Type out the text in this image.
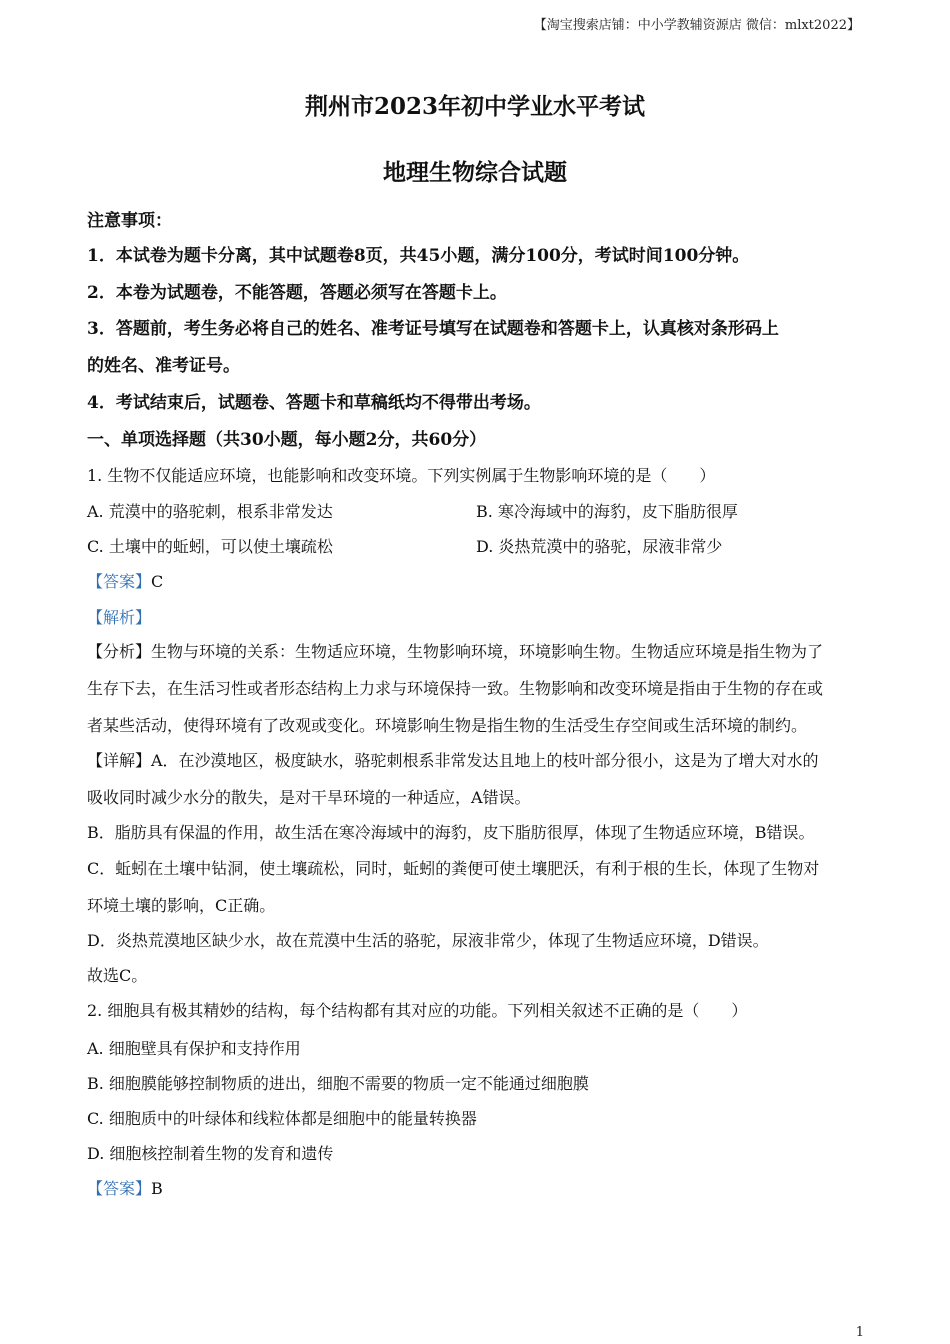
【淘宝搜索店铺：中小学教辅资源店 微信：mlxt2022】
荆州市2023年初中学业水平考试
地理生物综合试题
注意事项：
1．本试卷为题卡分离，其中试题卷8页，共45小题，满分100分，考试时间100分钟。
2．本卷为试题卷，不能答题，答题必须写在答题卡上。
3．答题前，考生务必将自己的姓名、准考证号填写在试题卷和答题卡上，认真核对条形码上
的姓名、准考证号。
4．考试结束后，试题卷、答题卡和草稿纸均不得带出考场。
一、单项选择题（共30小题，每小题2分，共60分）
1. 生物不仅能适应环境，也能影响和改变环境。下列实例属于生物影响环境的是（　　）
A. 荒漠中的骆驼刺，根系非常发达	B. 寒冷海域中的海豹，皮下脂肪很厚
C. 土壤中的蚯蚓，可以使土壤疏松	D. 炎热荒漠中的骆驼，尿液非常少
【答案】C
【解析】
【分析】生物与环境的关系：生物适应环境，生物影响环境，环境影响生物。生物适应环境是指生物为了
生存下去，在生活习性或者形态结构上力求与环境保持一致。生物影响和改变环境是指由于生物的存在或
者某些活动，使得环境有了改观或变化。环境影响生物是指生物的生活受生存空间或生活环境的制约。
【详解】A．在沙漠地区，极度缺水，骆驼刺根系非常发达且地上的枝叶部分很小，这是为了增大对水的
吸收同时减少水分的散失，是对干旱环境的一种适应，A错误。
B．脂肪具有保温的作用，故生活在寒冷海域中的海豹，皮下脂肪很厚，体现了生物适应环境，B错误。
C．蚯蚓在土壤中钻洞，使土壤疏松，同时，蚯蚓的粪便可使土壤肥沃，有利于根的生长，体现了生物对
环境土壤的影响，C正确。
D．炎热荒漠地区缺少水，故在荒漠中生活的骆驼，尿液非常少，体现了生物适应环境，D错误。
故选C。
2. 细胞具有极其精妙的结构，每个结构都有其对应的功能。下列相关叙述不正确的是（　　）
A. 细胞壁具有保护和支持作用
B. 细胞膜能够控制物质的进出，细胞不需要的物质一定不能通过细胞膜
C. 细胞质中的叶绿体和线粒体都是细胞中的能量转换器
D. 细胞核控制着生物的发育和遗传
【答案】B
1
